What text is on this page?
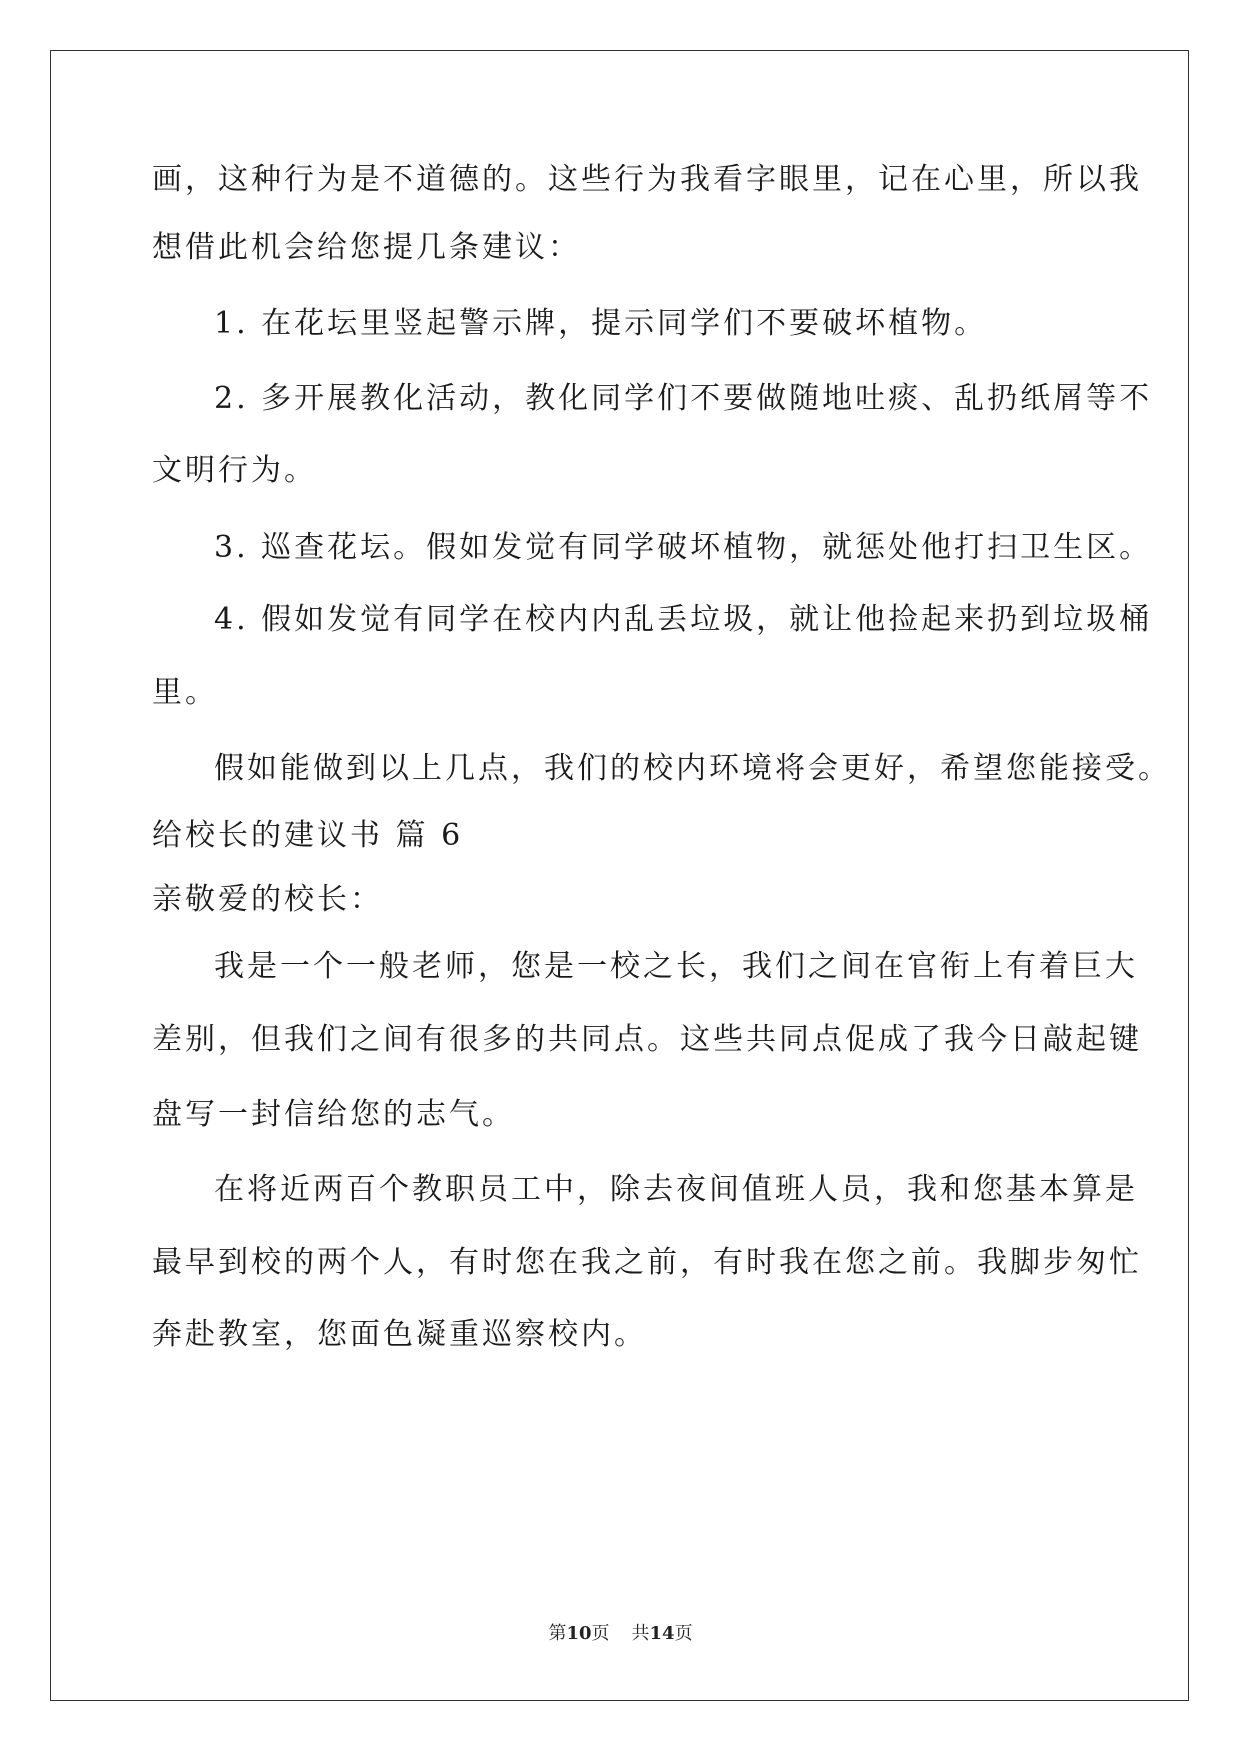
画，这种行为是不道德的。这些行为我看字眼里，记在心里，所以我
想借此机会给您提几条建议：
1. 在花坛里竖起警示牌，提示同学们不要破坏植物。
2. 多开展教化活动，教化同学们不要做随地吐痰、乱扔纸屑等不
文明行为。
3. 巡查花坛。假如发觉有同学破坏植物，就惩处他打扫卫生区。
4. 假如发觉有同学在校内内乱丢垃圾，就让他捡起来扔到垃圾桶
里。
假如能做到以上几点，我们的校内环境将会更好，希望您能接受。
给校长的建议书 篇 6
亲敬爱的校长：
我是一个一般老师，您是一校之长，我们之间在官衔上有着巨大
差别，但我们之间有很多的共同点。这些共同点促成了我今日敲起键
盘写一封信给您的志气。
在将近两百个教职员工中，除去夜间值班人员，我和您基本算是
最早到校的两个人，有时您在我之前，有时我在您之前。我脚步匆忙
奔赴教室，您面色凝重巡察校内。
第10页 共14页
